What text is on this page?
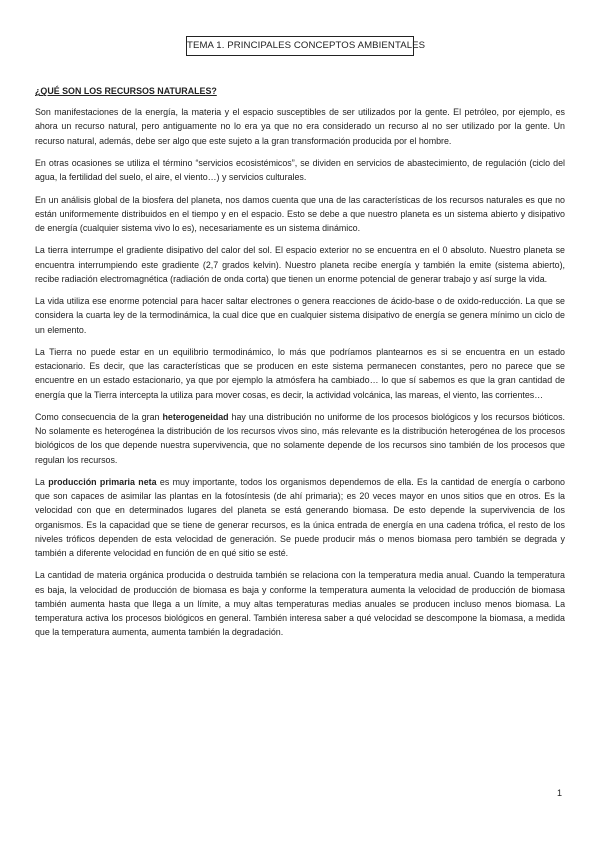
TEMA 1. PRINCIPALES CONCEPTOS AMBIENTALES
¿QUÉ SON LOS RECURSOS NATURALES?

Son manifestaciones de la energía, la materia y el espacio susceptibles de ser utilizados por la gente. El petróleo, por ejemplo, es ahora un recurso natural, pero antiguamente no lo era ya que no era considerado un recurso al no ser utilizado por la gente. Un recurso natural, además, debe ser algo que este sujeto a la gran transformación producida por el hombre.

En otras ocasiones se utiliza el término “servicios ecosistémicos”, se dividen en servicios de abastecimiento, de regulación (ciclo del agua, la fertilidad del suelo, el aire, el viento…) y servicios culturales.

En un análisis global de la biosfera del planeta, nos damos cuenta que una de las características de los recursos naturales es que no están uniformemente distribuidos en el tiempo y en el espacio. Esto se debe a que nuestro planeta es un sistema abierto y disipativo de energía (cualquier sistema vivo lo es), necesariamente es un sistema dinámico.

La tierra interrumpe el gradiente disipativo del calor del sol. El espacio exterior no se encuentra en el 0 absoluto. Nuestro planeta se encuentra interrumpiendo este gradiente (2,7 grados kelvin). Nuestro planeta recibe energía y también la emite (sistema abierto), recibe radiación electromagnética (radiación de onda corta) que tienen un enorme potencial de generar trabajo y así surge la vida.

La vida utiliza ese enorme potencial para hacer saltar electrones o genera reacciones de ácido-base o de oxido-reducción. La que se considera la cuarta ley de la termodinámica, la cual dice que en cualquier sistema disipativo de energía se genera mínimo un ciclo de un elemento.

La Tierra no puede estar en un equilibrio termodinámico, lo más que podríamos plantearnos es si se encuentra en un estado estacionario. Es decir, que las características que se producen en este sistema permanecen constantes, pero no parece que se encuentre en un estado estacionario, ya que por ejemplo la atmósfera ha cambiado… lo que sí sabemos es que la gran cantidad de energía que la Tierra intercepta la utiliza para mover cosas, es decir, la actividad volcánica, las mareas, el viento, las corrientes…

Como consecuencia de la gran heterogeneidad hay una distribución no uniforme de los procesos biológicos y los recursos bióticos. No solamente es heterogénea la distribución de los recursos vivos sino, más relevante es la distribución heterogénea de los procesos biológicos de los que depende nuestra supervivencia, que no solamente depende de los recursos sino también de los procesos que regulan los recursos.

La producción primaria neta es muy importante, todos los organismos dependemos de ella. Es la cantidad de energía o carbono que son capaces de asimilar las plantas en la fotosíntesis (de ahí primaria); es 20 veces mayor en unos sitios que en otros. Es la velocidad con que en determinados lugares del planeta se está generando biomasa. De esto depende la supervivencia de los organismos. Es la capacidad que se tiene de generar recursos, es la única entrada de energía en una cadena trófica, el resto de los niveles tróficos dependen de esta velocidad de generación. Se puede producir más o menos biomasa pero también se degrada y también a diferente velocidad en función de en qué sitio se esté.

La cantidad de materia orgánica producida o destruida también se relaciona con la temperatura media anual. Cuando la temperatura es baja, la velocidad de producción de biomasa es baja y conforme la temperatura aumenta la velocidad de producción de biomasa también aumenta hasta que llega a un límite, a muy altas temperaturas medias anuales se producen incluso menos biomasa. La temperatura activa los procesos biológicos en general. También interesa saber a qué velocidad se descompone la biomasa, a medida que la temperatura aumenta, aumenta también la degradación.

1
